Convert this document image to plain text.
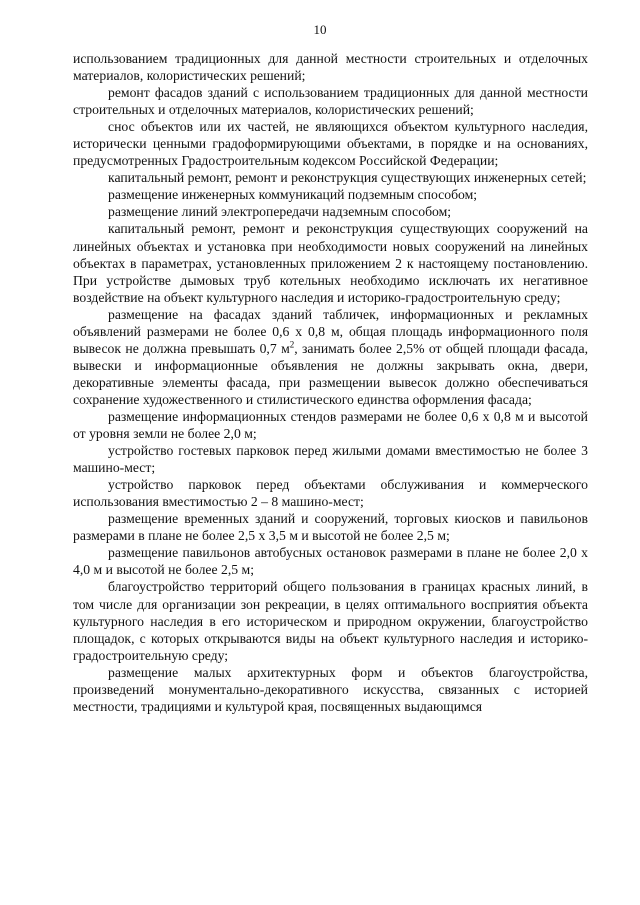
10

использованием традиционных для данной местности строительных и отделочных материалов, колористических решений;

ремонт фасадов зданий с использованием традиционных для данной местности строительных и отделочных материалов, колористических решений;

снос объектов или их частей, не являющихся объектом культурного наследия, исторически ценными градоформирующими объектами, в порядке и на основаниях, предусмотренных Градостроительным кодексом Российской Федерации;

капитальный ремонт, ремонт и реконструкция существующих инженерных сетей;

размещение инженерных коммуникаций подземным способом;

размещение линий электропередачи надземным способом;

капитальный ремонт, ремонт и реконструкция существующих сооружений на линейных объектах и установка при необходимости новых сооружений на линейных объектах в параметрах, установленных приложением 2 к настоящему постановлению. При устройстве дымовых труб котельных необходимо исключать их негативное воздействие на объект культурного наследия и историко-градостроительную среду;

размещение на фасадах зданий табличек, информационных и рекламных объявлений размерами не более 0,6 х 0,8 м, общая площадь информационного поля вывесок не должна превышать 0,7 $м^2$, занимать более 2,5% от общей площади фасада, вывески и информационные объявления не должны закрывать окна, двери, декоративные элементы фасада, при размещении вывесок должно обеспечиваться сохранение художественного и стилистического единства оформления фасада;

размещение информационных стендов размерами не более 0,6 х 0,8 м и высотой от уровня земли не более 2,0 м;

устройство гостевых парковок перед жилыми домами вместимостью не более 3 машино-мест;

устройство парковок перед объектами обслуживания и коммерческого использования вместимостью 2 – 8 машино-мест;

размещение временных зданий и сооружений, торговых киосков и павильонов размерами в плане не более 2,5 х 3,5 м и высотой не более 2,5 м;

размещение павильонов автобусных остановок размерами в плане не более 2,0 х 4,0 м и высотой не более 2,5 м;

благоустройство территорий общего пользования в границах красных линий, в том числе для организации зон рекреации, в целях оптимального восприятия объекта культурного наследия в его историческом и природном окружении, благоустройство площадок, с которых открываются виды на объект культурного наследия и историко-градостроительную среду;

размещение малых архитектурных форм и объектов благоустройства, произведений монументально-декоративного искусства, связанных с историей местности, традициями и культурой края, посвященных выдающимся
